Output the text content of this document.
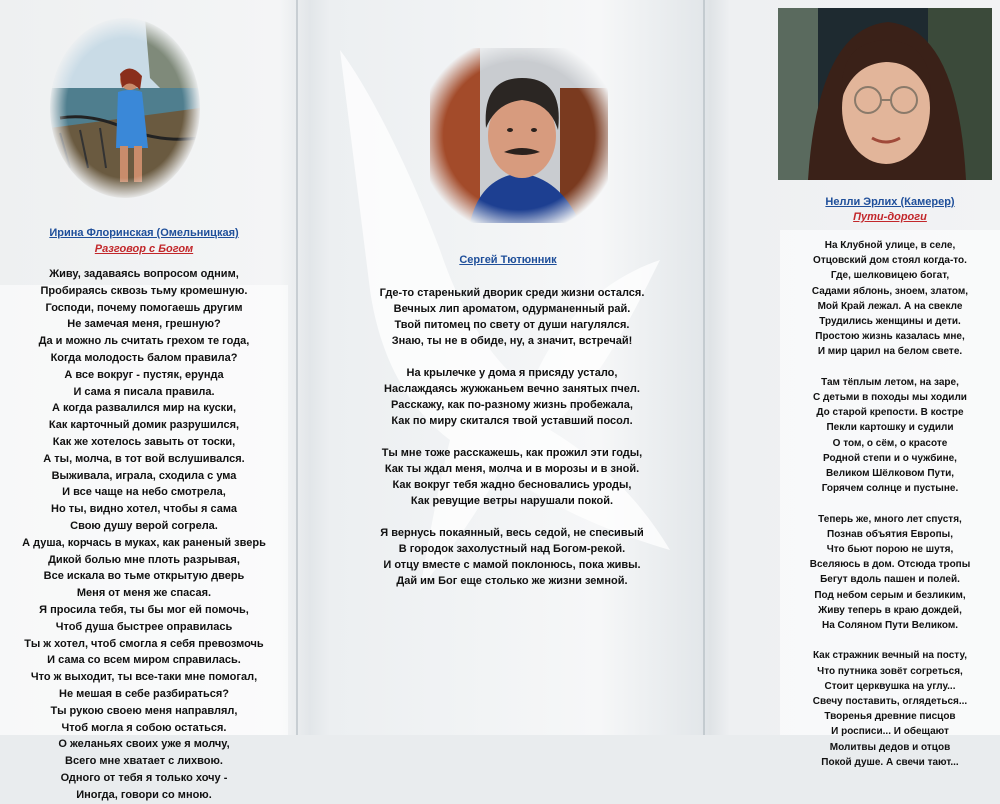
Ирина Флоринская (Омельницкая)
Разговор с Богом
Живу, задаваясь вопросом одним,
Пробираясь сквозь тьму кромешную.
Господи, почему помогаешь другим
Не замечая меня, грешную?
Да и можно ль считать грехом те года,
Когда молодость балом правила?
А все вокруг - пустяк, ерунда
И сама я писала правила.
А когда развалился мир на куски,
Как карточный домик разрушился,
Как же хотелось завыть от тоски,
А ты, молча, в тот вой вслушивался.
Выживала, играла, сходила с ума
И все чаще на небо смотрела,
Но ты, видно хотел, чтобы я сама
Свою душу верой согрела.
А душа, корчась в муках, как раненый зверь
Дикой болью мне плоть разрывая,
Все искала во тьме открытую дверь
Меня от меня же спасая.
Я просила тебя, ты бы мог ей помочь,
Чтоб душа быстрее оправилась
Ты ж хотел, чтоб смогла я себя превозмочь
И сама со всем миром справилась.
Что ж выходит, ты все-таки мне помогал,
Не мешая в себе разбираться?
Ты рукою своею меня направлял,
Чтоб могла я собою остаться.
О желаньях своих уже я молчу,
Всего мне хватает с лихвою.
Одного от тебя я только хочу -
Иногда, говори со мною.
Сергей Тютюнник
Где-то старенький дворик среди жизни остался.
Вечных лип ароматом, одурманенный рай.
Твой питомец по свету от души нагулялся.
Знаю, ты не в обиде, ну, а значит, встречай!
На крылечке у дома я присяду устало,
Наслаждаясь жужжаньем вечно занятых пчел.
Расскажу, как по-разному жизнь пробежала,
Как по миру скитался твой уставший посол.
Ты мне тоже расскажешь, как прожил эти годы,
Как ты ждал меня, молча и в морозы и в зной.
Как вокруг тебя жадно бесновались уроды,
Как ревущие ветры нарушали покой.
Я вернусь покаянный, весь седой, не спесивый
В городок захолустный над Богом-рекой.
И отцу вместе с мамой поклонюсь, пока живы.
Дай им Бог еще столько же жизни земной.
Нелли Эрлих (Камерер)
Пути-дороги
На Клубной улице, в селе,
Отцовский дом стоял когда-то.
Где, шелковицею богат,
Садами яблонь, зноем, златом,
Мой Край лежал. А на свекле
Трудились женщины и дети.
Простою жизнь казалась мне,
И мир царил на белом свете.
Там тёплым летом, на заре,
С детьми в походы мы ходили
До старой крепости. В костре
Пекли картошку и судили
О том, о сём, о красоте
Родной степи и о чужбине,
Великом Шёлковом Пути,
Горячем солнце и пустыне.
Теперь же, много лет спустя,
Познав объятия Европы,
Что бьют порою не шутя,
Вселяюсь в дом. Отсюда тропы
Бегут вдоль пашен и полей.
Под небом серым и безликим,
Живу теперь в краю дождей,
На Соляном Пути Великом.
Как стражник вечный на посту,
Что путника зовёт согреться,
Стоит церквушка на углу...
Свечу поставить, оглядеться...
Творенья древние писцов
И росписи... И обещают
Молитвы дедов и отцов
Покой душе. А свечи тают...
